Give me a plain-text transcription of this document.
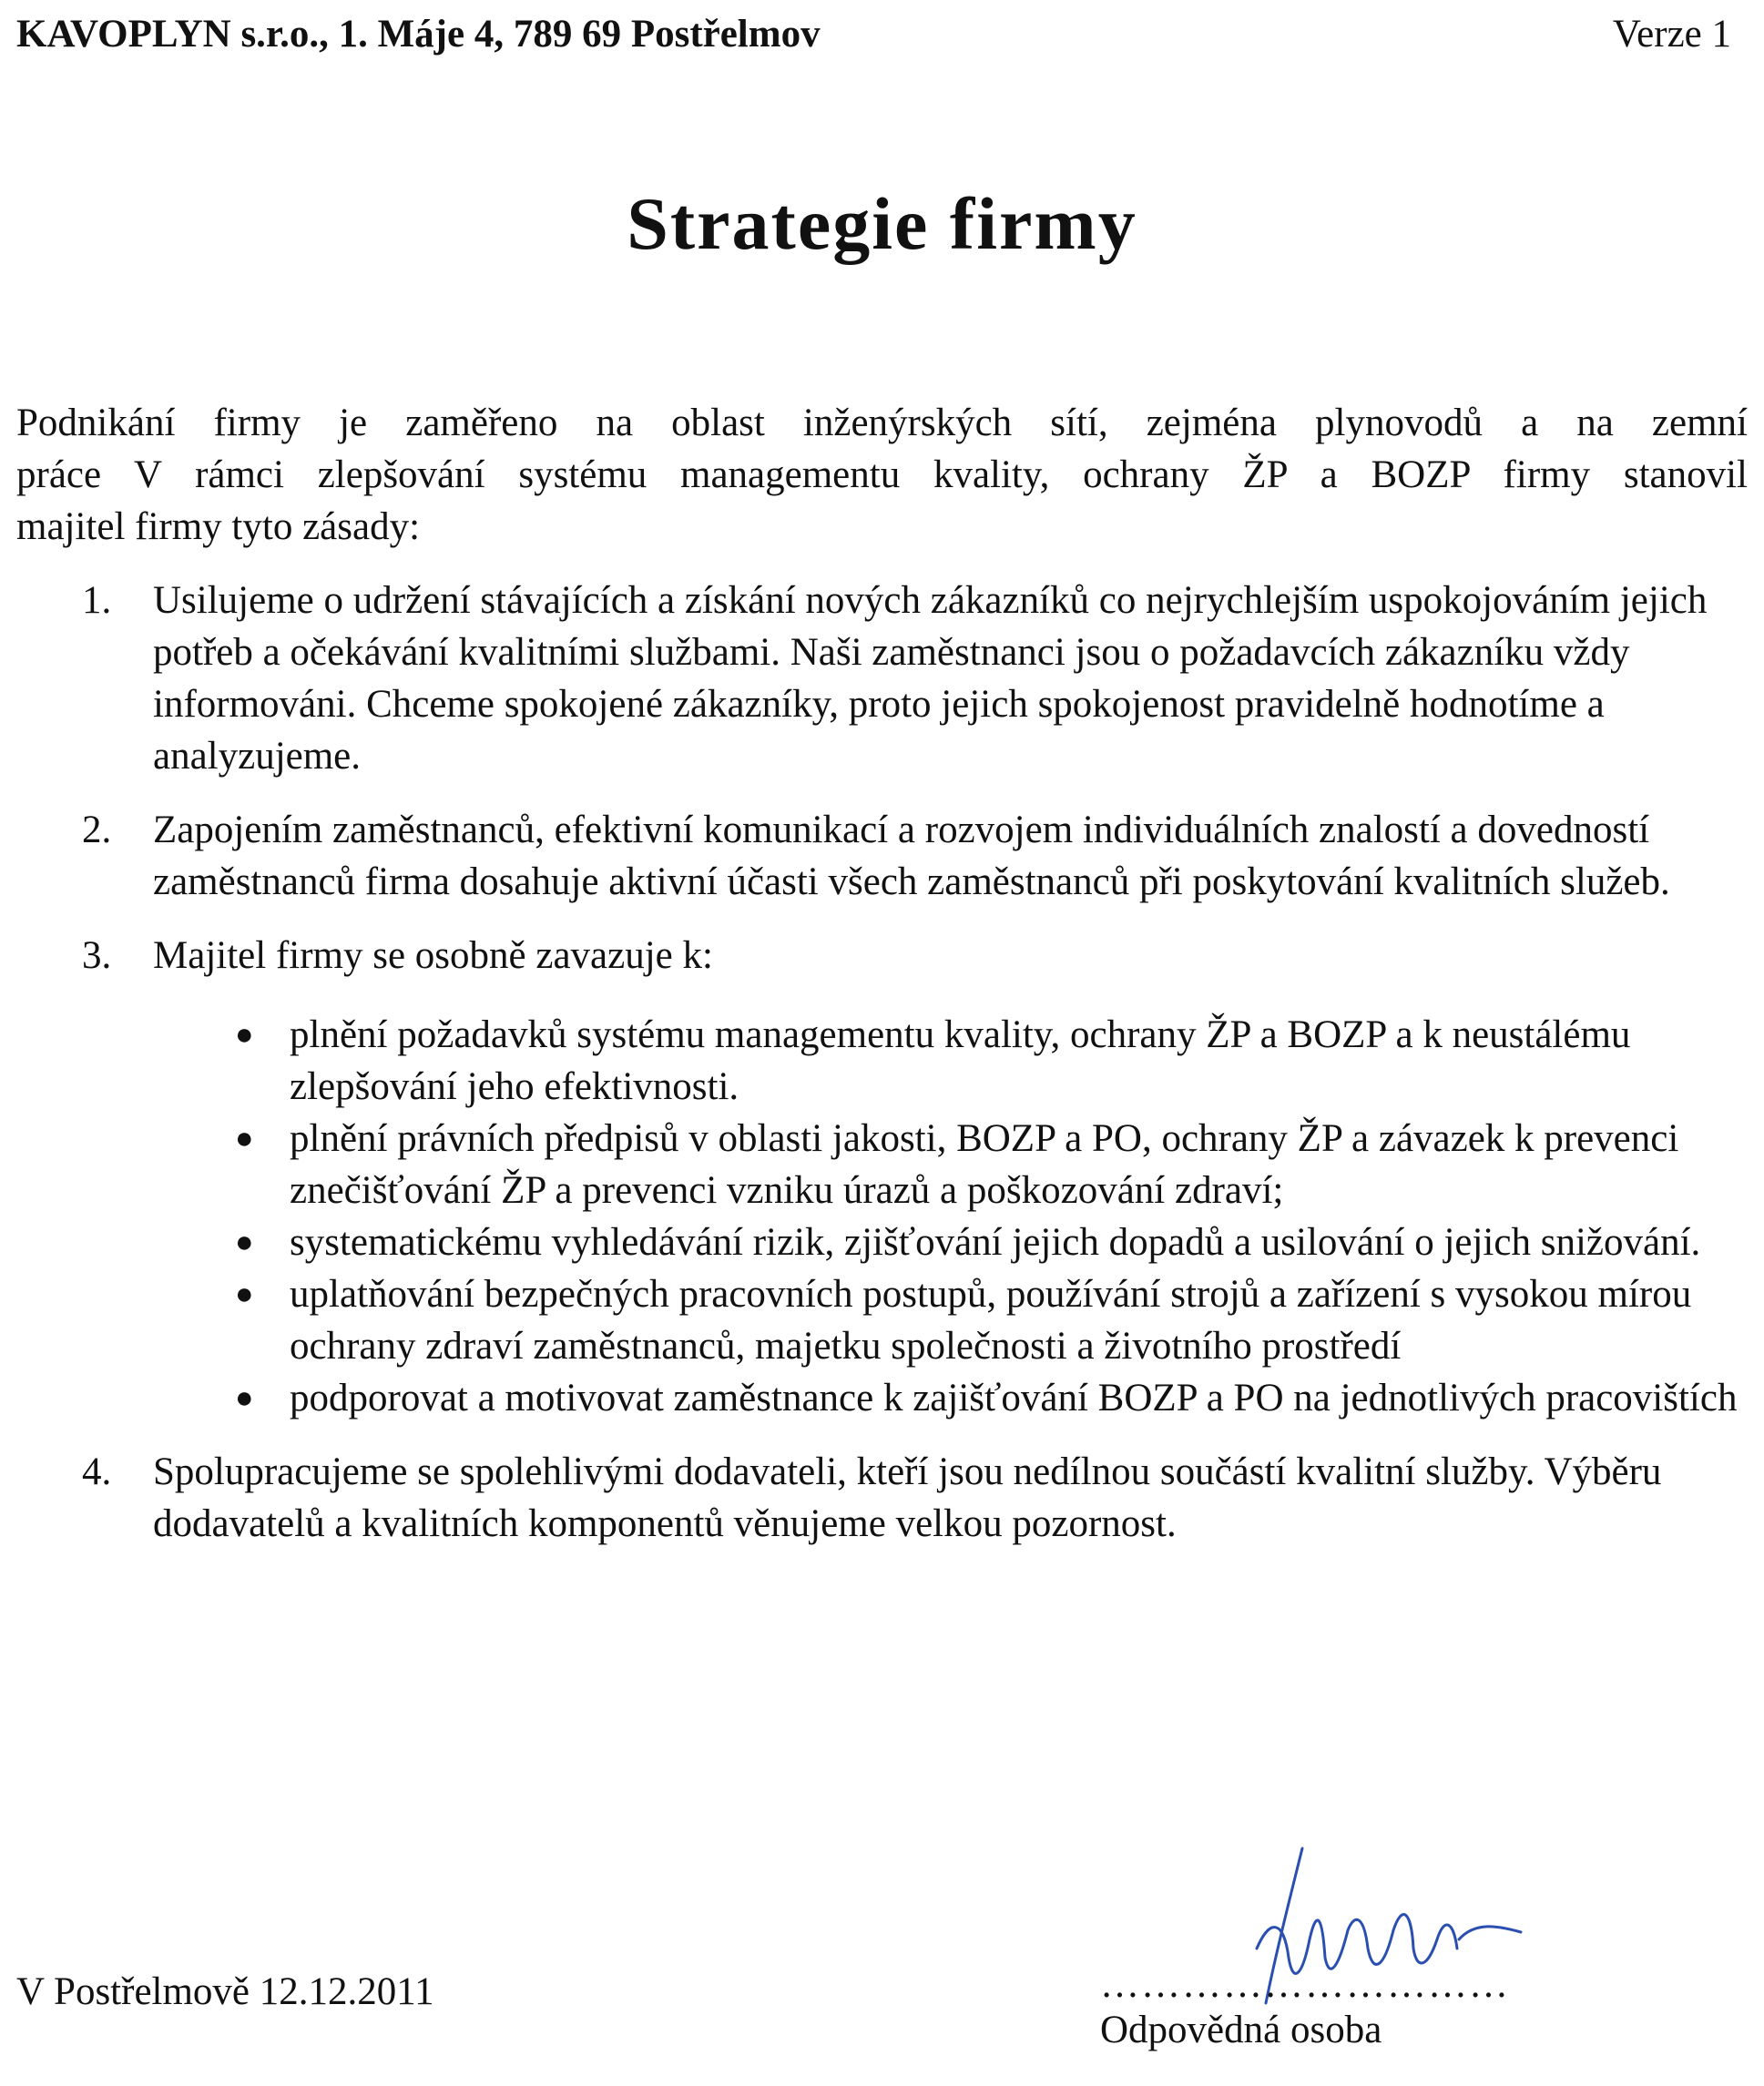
KAVOPLYN s.r.o., 1. Máje 4, 789 69 Postřelmov	Verze 1
Strategie firmy

Podnikání firmy je zaměřeno na oblast inženýrských sítí, zejména plynovodů a na zemní
práce V rámci zlepšování systému managementu kvality, ochrany ŽP a BOZP firmy stanovil
majitel firmy tyto zásady:

1.	Usilujeme o udržení stávajících a získání nových zákazníků co nejrychlejším uspokojováním jejich potřeb a očekávání kvalitními službami. Naši zaměstnanci jsou o požadavcích zákazníku vždy informováni. Chceme spokojené zákazníky, proto jejich spokojenost pravidelně hodnotíme a analyzujeme.
2.	Zapojením zaměstnanců, efektivní komunikací a rozvojem individuálních znalostí a dovedností zaměstnanců firma dosahuje aktivní účasti všech zaměstnanců při poskytování kvalitních služeb.
3.	Majitel firmy se osobně zavazuje k:
● plnění požadavků systému managementu kvality, ochrany ŽP a BOZP a k neustálému zlepšování jeho efektivnosti.
● plnění právních předpisů v oblasti jakosti, BOZP a PO, ochrany ŽP a závazek k prevenci znečišťování ŽP a prevenci vzniku úrazů a poškozování zdraví;
● systematickému vyhledávání rizik, zjišťování jejich dopadů a usilování o jejich snižování.
● uplatňování bezpečných pracovních postupů, používání strojů a zařízení s vysokou mírou ochrany zdraví zaměstnanců, majetku společnosti a životního prostředí
● podporovat a motivovat zaměstnance k zajišťování BOZP a PO na jednotlivých pracovištích
4.	Spolupracujeme se spolehlivými dodavateli, kteří jsou nedílnou součástí kvalitní služby. Výběru dodavatelů a kvalitních komponentů věnujeme velkou pozornost.
V Postřelmově 12.12.2011	…………………………
Odpovědná osoba
